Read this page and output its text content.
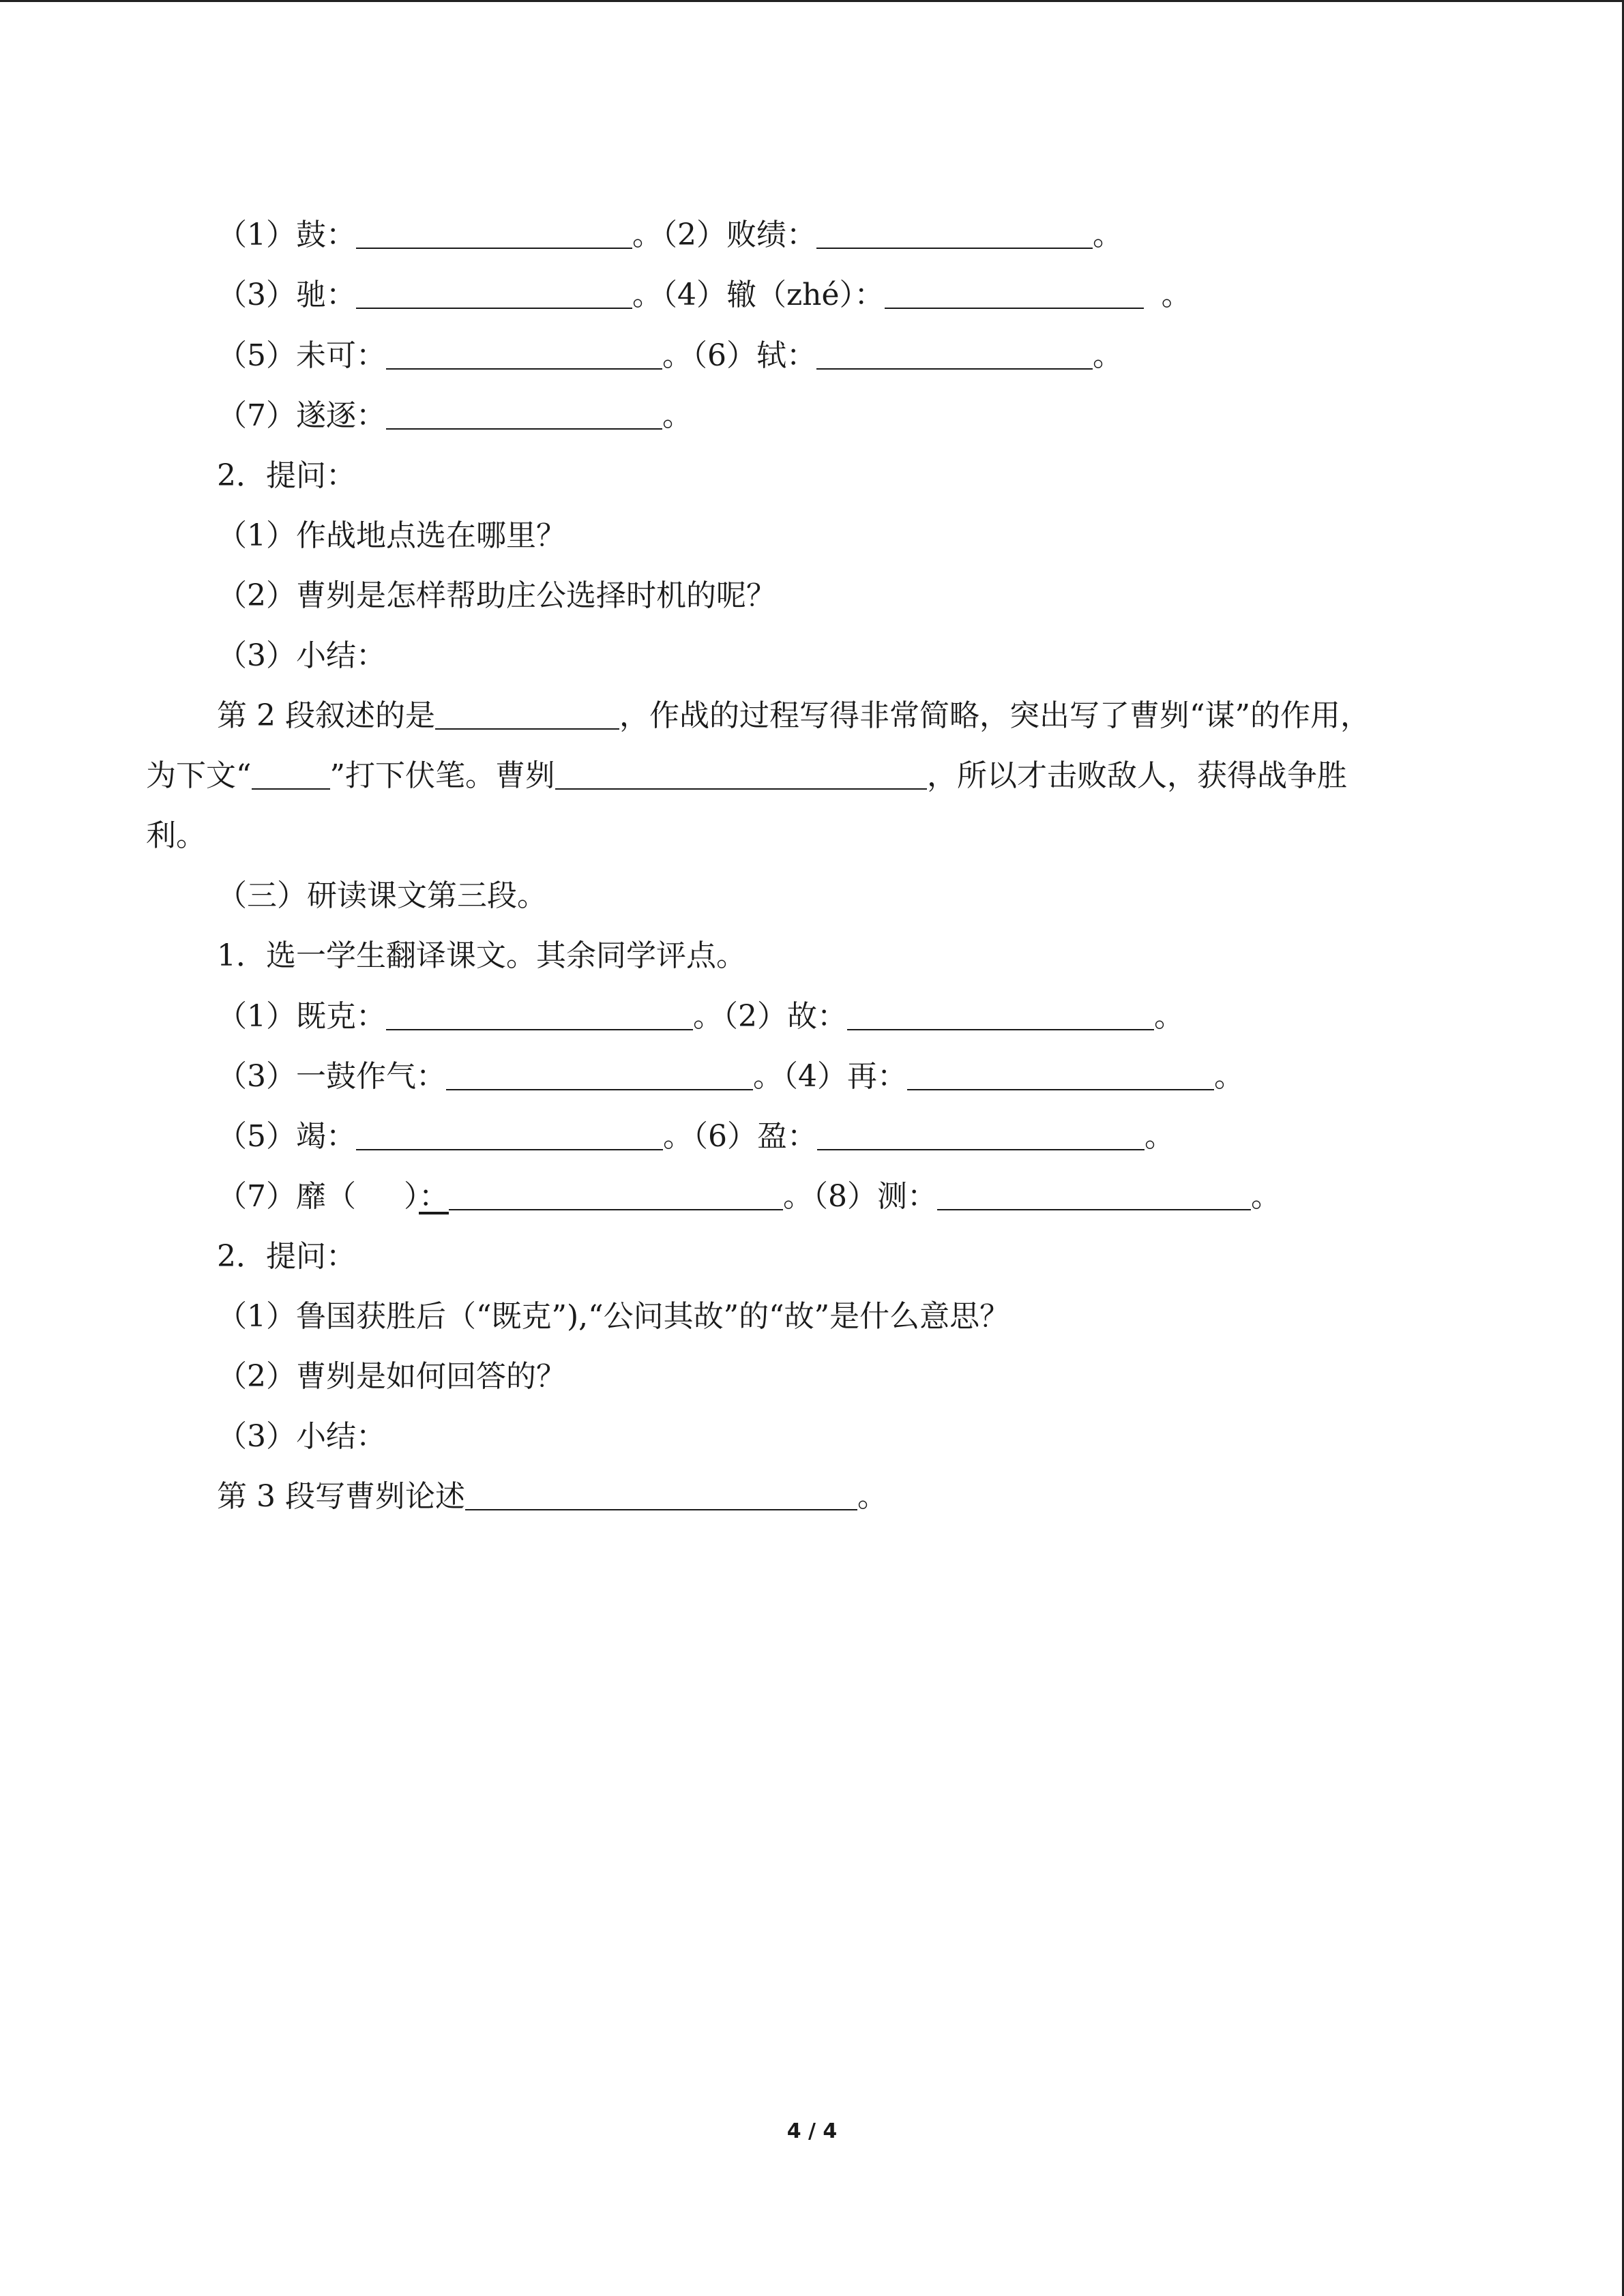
（1）鼓：	。（2）败绩：	。
（3）驰：	。（4）辙（zhé）：	。
（5）未可：	。（6）轼：	。
（7）遂逐：	。
2．提问：
（1）作战地点选在哪里？
（2）曹刿是怎样帮助庄公选择时机的呢？
（3）小结：
第 2 段叙述的是	，作战的过程写得非常简略，突出写了曹刿“谋”的作用，
为下文“	”打下伏笔。曹刿	，所以才击败敌人，获得战争胜
利。
（三）研读课文第三段。
1．选一学生翻译课文。其余同学评点。
（1）既克：	。（2）故：	。
（3）一鼓作气：	。（4）再：	。
（5）竭：	。（6）盈：	。
（7）靡（ ）：	。（8）测：	。
2．提问：
（1）鲁国获胜后（“既克”),“公问其故”的“故”是什么意思？
（2）曹刿是如何回答的？
（3）小结：
第 3 段写曹刿论述	。
4 / 4
